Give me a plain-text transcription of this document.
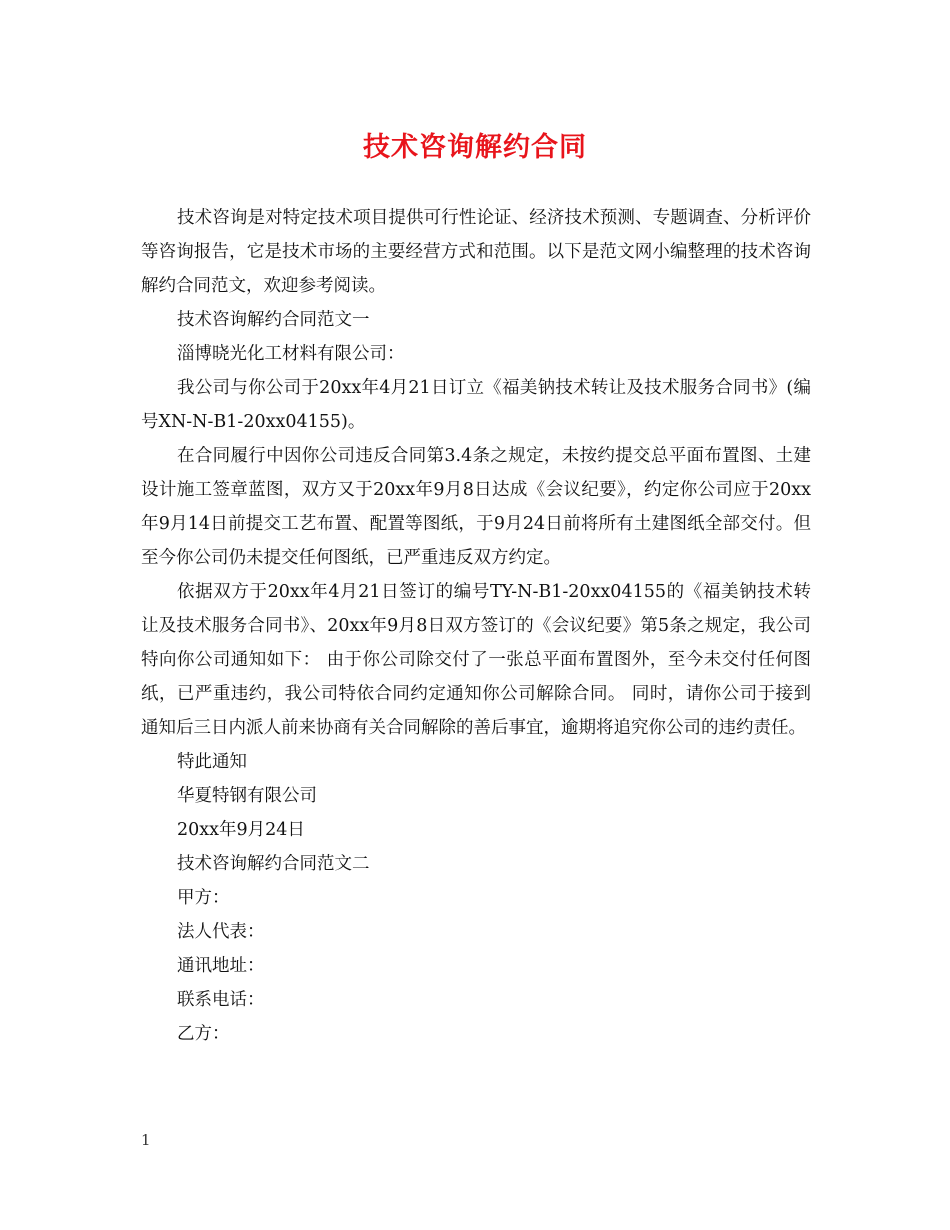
技术咨询解约合同

技术咨询是对特定技术项目提供可行性论证、经济技术预测、专题调查、分析评价等咨询报告，它是技术市场的主要经营方式和范围。以下是范文网小编整理的技术咨询解约合同范文，欢迎参考阅读。

技术咨询解约合同范文一

淄博晓光化工材料有限公司：

我公司与你公司于20xx年4月21日订立《福美钠技术转让及技术服务合同书》(编号XN-N-B1-20xx04155)。

在合同履行中因你公司违反合同第3.4条之规定，未按约提交总平面布置图、土建设计施工签章蓝图，双方又于20xx年9月8日达成《会议纪要》，约定你公司应于20xx年9月14日前提交工艺布置、配置等图纸，于9月24日前将所有土建图纸全部交付。但至今你公司仍未提交任何图纸，已严重违反双方约定。

依据双方于20xx年4月21日签订的编号TY-N-B1-20xx04155的《福美钠技术转让及技术服务合同书》、20xx年9月8日双方签订的《会议纪要》第5条之规定，我公司特向你公司通知如下： 由于你公司除交付了一张总平面布置图外，至今未交付任何图纸，已严重违约，我公司特依合同约定通知你公司解除合同。 同时，请你公司于接到通知后三日内派人前来协商有关合同解除的善后事宜，逾期将追究你公司的违约责任。

特此通知

华夏特钢有限公司

20xx年9月24日

技术咨询解约合同范文二

甲方：

法人代表：

通讯地址：

联系电话：

乙方：

1
